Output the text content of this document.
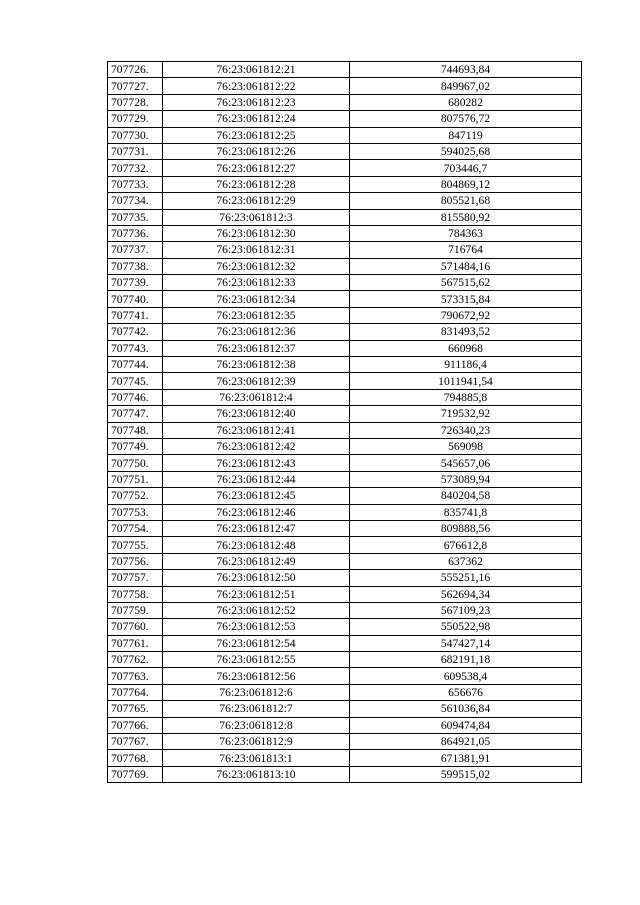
707726.	76:23:061812:21	744693,84
707727.	76:23:061812:22	849967,02
707728.	76:23:061812:23	680282
707729.	76:23:061812:24	807576,72
707730.	76:23:061812:25	847119
707731.	76:23:061812:26	594025,68
707732.	76:23:061812:27	703446,7
707733.	76:23:061812:28	804869,12
707734.	76:23:061812:29	805521,68
707735.	76:23:061812:3	815580,92
707736.	76:23:061812:30	784363
707737.	76:23:061812:31	716764
707738.	76:23:061812:32	571484,16
707739.	76:23:061812:33	567515,62
707740.	76:23:061812:34	573315,84
707741.	76:23:061812:35	790672,92
707742.	76:23:061812:36	831493,52
707743.	76:23:061812:37	660968
707744.	76:23:061812:38	911186,4
707745.	76:23:061812:39	1011941,54
707746.	76:23:061812:4	794885,8
707747.	76:23:061812:40	719532,92
707748.	76:23:061812:41	726340,23
707749.	76:23:061812:42	569098
707750.	76:23:061812:43	545657,06
707751.	76:23:061812:44	573089,94
707752.	76:23:061812:45	840204,58
707753.	76:23:061812:46	835741,8
707754.	76:23:061812:47	809888,56
707755.	76:23:061812:48	676612,8
707756.	76:23:061812:49	637362
707757.	76:23:061812:50	555251,16
707758.	76:23:061812:51	562694,34
707759.	76:23:061812:52	567109,23
707760.	76:23:061812:53	550522,98
707761.	76:23:061812:54	547427,14
707762.	76:23:061812:55	682191,18
707763.	76:23:061812:56	609538,4
707764.	76:23:061812:6	656676
707765.	76:23:061812:7	561036,84
707766.	76:23:061812:8	609474,84
707767.	76:23:061812:9	864921,05
707768.	76:23:061813:1	671381,91
707769.	76:23:061813:10	599515,02
